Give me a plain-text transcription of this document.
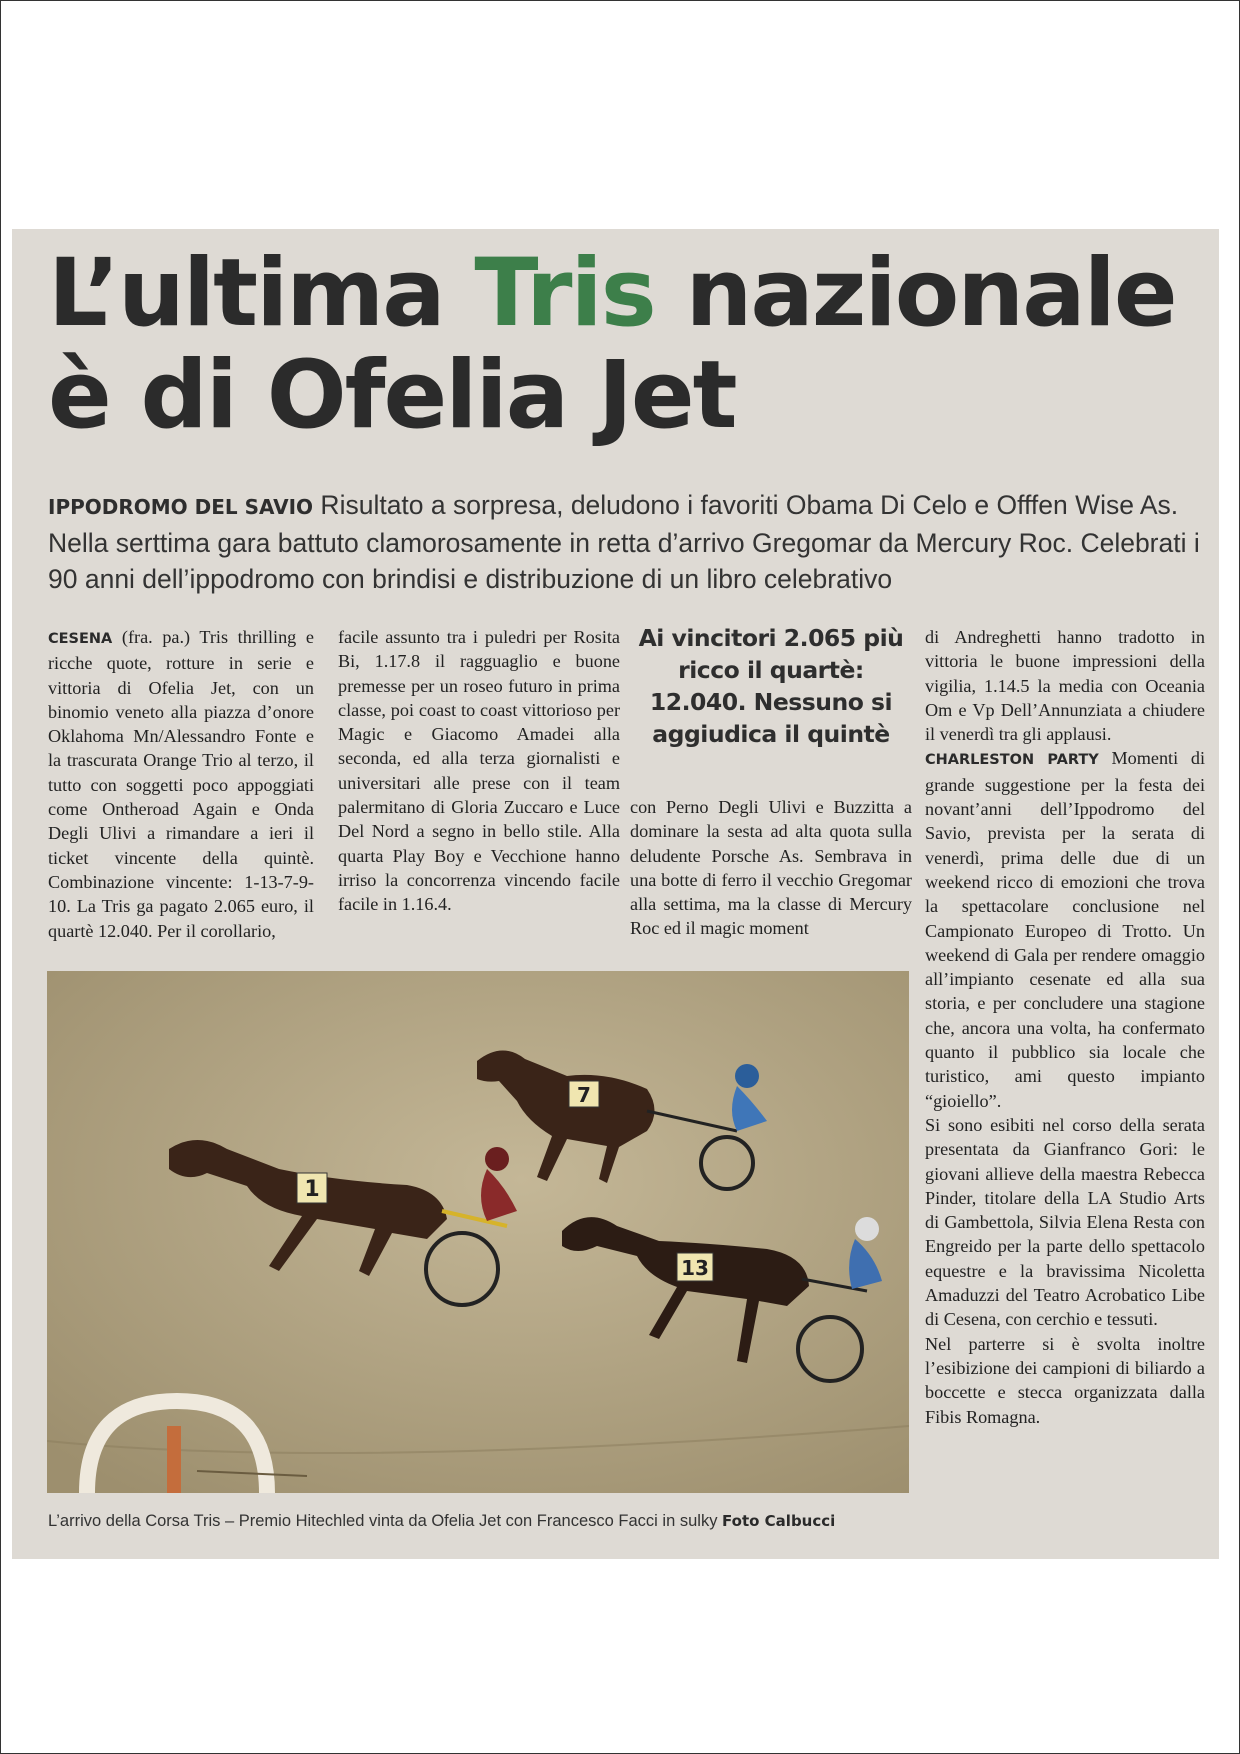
L’ultima Tris nazionale è di Ofelia Jet

IPPODROMO DEL SAVIO Risultato a sorpresa, deludono i favoriti Obama Di Celo e Offfen Wise As. Nella serttima gara battuto clamorosamente in retta d’arrivo Gregomar da Mercury Roc. Celebrati i 90 anni dell’ippodromo con brindisi e distribuzione di un libro celebrativo

CESENA (fra. pa.) Tris thrilling e ricche quote, rotture in serie e vittoria di Ofelia Jet, con un binomio veneto alla piazza d’onore Oklahoma Mn/Alessandro Fonte e la trascurata Orange Trio al terzo, il tutto con soggetti poco appoggiati come Ontheroad Again e Onda Degli Ulivi a rimandare a ieri il ticket vincente della quintè. Combinazione vincente: 1-13-7-9-10. La Tris ga pagato 2.065 euro, il quartè 12.040. Per il corollario,

facile assunto tra i puledri per Rosita Bi, 1.17.8 il ragguaglio e buone premesse per un roseo futuro in prima classe, poi coast to coast vittorioso per Magic e Giacomo Amadei alla seconda, ed alla terza giornalisti e universitari alle prese con il team palermitano di Gloria Zuccaro e Luce Del Nord a segno in bello stile. Alla quarta Play Boy e Vecchione hanno irriso la concorrenza vincendo facile facile in 1.16.4.

Ai vincitori 2.065 più ricco il quartè: 12.040. Nessuno si aggiudica il quintè

con Perno Degli Ulivi e Buzzitta a dominare la sesta ad alta quota sulla deludente Porsche As. Sembrava in una botte di ferro il vecchio Gregomar alla settima, ma la classe di Mercury Roc ed il magic moment

di Andreghetti hanno tradotto in vittoria le buone impressioni della vigilia, 1.14.5 la media con Oceania Om e Vp Dell’Annunziata a chiudere il venerdì tra gli applausi.

CHARLESTON PARTY Momenti di grande suggestione per la festa dei novant’anni dell’Ippodromo del Savio, prevista per la serata di venerdì, prima delle due di un weekend ricco di emozioni che trova la spettacolare conclusione nel Campionato Europeo di Trotto. Un weekend di Gala per rendere omaggio all’impianto cesenate ed alla sua storia, e per concludere una stagione che, ancora una volta, ha confermato quanto il pubblico sia locale che turistico, ami questo impianto “gioiello”.

Si sono esibiti nel corso della serata presentata da Gianfranco Gori: le giovani allieve della maestra Rebecca Pinder, titolare della LA Studio Arts di Gambettola, Silvia Elena Resta con Engreido per la parte dello spettacolo equestre e la bravissima Nicoletta Amaduzzi del Teatro Acrobatico Libe di Cesena, con cerchio e tessuti.

Nel parterre si è svolta inoltre l’esibizione dei campioni di biliardo a boccette e stecca organizzata dalla Fibis Romagna.

7
1
13

L’arrivo della Corsa Tris – Premio Hitechled vinta da Ofelia Jet con Francesco Facci in sulky Foto Calbucci
